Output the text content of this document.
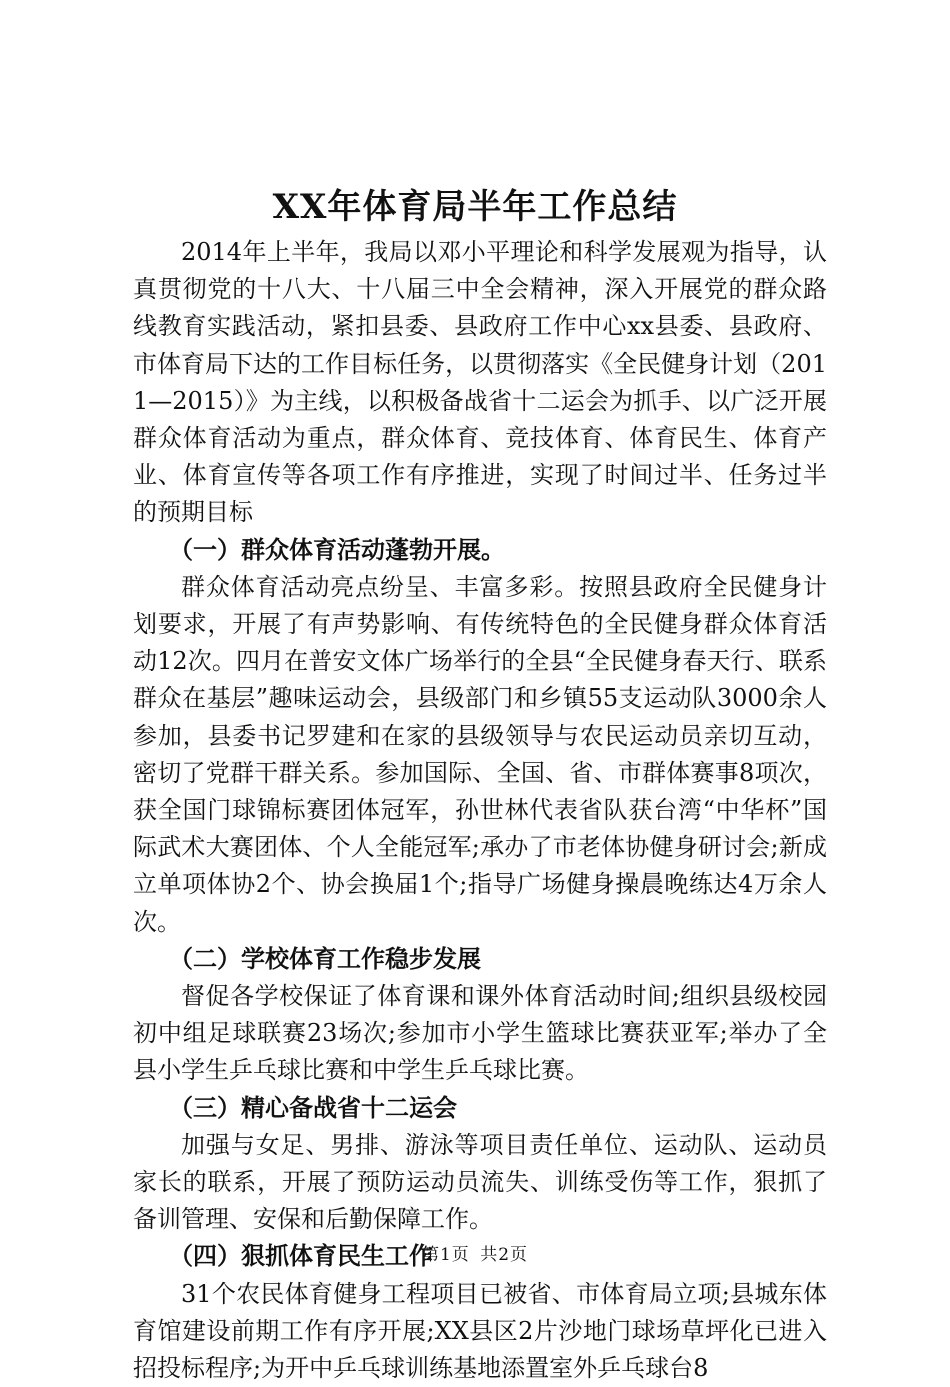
XX年体育局半年工作总结

2014年上半年，我局以邓小平理论和科学发展观为指导，认真贯彻党的十八大、十八届三中全会精神，深入开展党的群众路线教育实践活动，紧扣县委、县政府工作中心xx县委、县政府、市体育局下达的工作目标任务，以贯彻落实《全民健身计划（2011—2015）》为主线，以积极备战省十二运会为抓手、以广泛开展群众体育活动为重点，群众体育、竞技体育、体育民生、体育产业、体育宣传等各项工作有序推进，实现了时间过半、任务过半的预期目标

（一）群众体育活动蓬勃开展。

群众体育活动亮点纷呈、丰富多彩。按照县政府全民健身计划要求，开展了有声势影响、有传统特色的全民健身群众体育活动12次。四月在普安文体广场举行的全县“全民健身春天行、联系群众在基层”趣味运动会，县级部门和乡镇55支运动队3000余人参加，县委书记罗建和在家的县级领导与农民运动员亲切互动，密切了党群干群关系。参加国际、全国、省、市群体赛事8项次，获全国门球锦标赛团体冠军，孙世林代表省队获台湾“中华杯”国际武术大赛团体、个人全能冠军;承办了市老体协健身研讨会;新成立单项体协2个、协会换届1个;指导广场健身操晨晚练达4万余人次。

（二）学校体育工作稳步发展

督促各学校保证了体育课和课外体育活动时间;组织县级校园初中组足球联赛23场次;参加市小学生篮球比赛获亚军;举办了全县小学生乒乓球比赛和中学生乒乓球比赛。

（三）精心备战省十二运会

加强与女足、男排、游泳等项目责任单位、运动队、运动员家长的联系，开展了预防运动员流失、训练受伤等工作，狠抓了备训管理、安保和后勤保障工作。

（四）狠抓体育民生工作

31个农民体育健身工程项目已被省、市体育局立项;县城东体育馆建设前期工作有序开展;XX县区2片沙地门球场草坪化已进入招投标程序;为开中乒乓球训练基地添置室外乒乓球台8

第1页 共2页
